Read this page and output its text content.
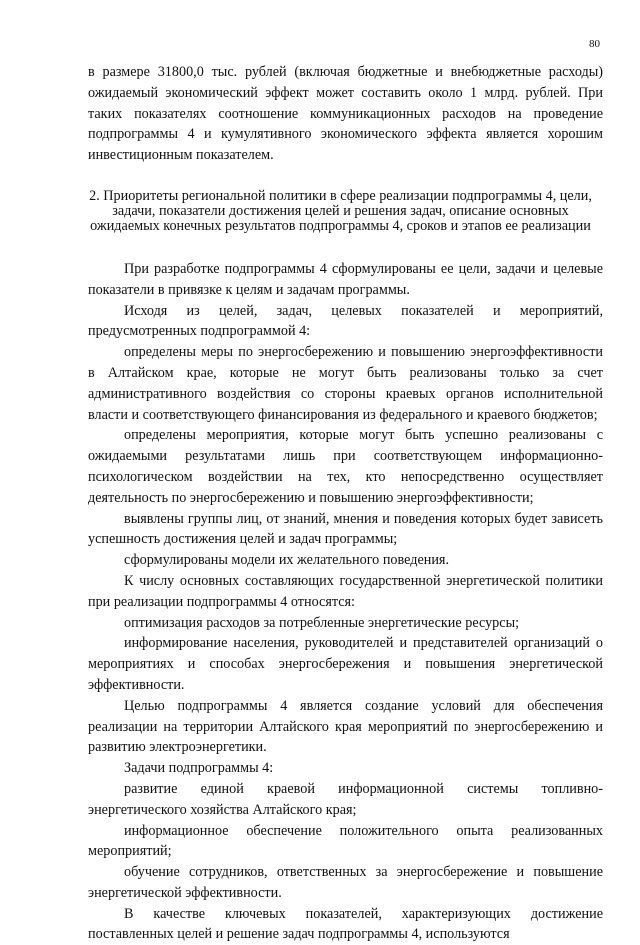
80

в размере 31800,0 тыс. рублей (включая бюджетные и внебюджетные расходы) ожидаемый экономический эффект может составить около 1 млрд. рублей. При таких показателях соотношение коммуникационных расходов на проведение подпрограммы 4 и кумулятивного экономического эффекта является хорошим инвестиционным показателем.

2. Приоритеты региональной политики в сфере реализации подпрограммы 4, цели, задачи, показатели достижения целей и решения задач, описание основных ожидаемых конечных результатов подпрограммы 4, сроков и этапов ее реализации

При разработке подпрограммы 4 сформулированы ее цели, задачи и целевые показатели в привязке к целям и задачам программы.

Исходя из целей, задач, целевых показателей и мероприятий, предусмотренных подпрограммой 4:

определены меры по энергосбережению и повышению энергоэффективности в Алтайском крае, которые не могут быть реализованы только за счет административного воздействия со стороны краевых органов исполнительной власти и соответствующего финансирования из федерального и краевого бюджетов;

определены мероприятия, которые могут быть успешно реализованы с ожидаемыми результатами лишь при соответствующем информационно-психологическом воздействии на тех, кто непосредственно осуществляет деятельность по энергосбережению и повышению энергоэффективности;

выявлены группы лиц, от знаний, мнения и поведения которых будет зависеть успешность достижения целей и задач программы;

сформулированы модели их желательного поведения.

К числу основных составляющих государственной энергетической политики при реализации подпрограммы 4 относятся:

оптимизация расходов за потребленные энергетические ресурсы;

информирование населения, руководителей и представителей организаций о мероприятиях и способах энергосбережения и повышения энергетической эффективности.

Целью подпрограммы 4 является создание условий для обеспечения реализации на территории Алтайского края мероприятий по энергосбережению и развитию электроэнергетики.

Задачи подпрограммы 4:

развитие единой краевой информационной системы топливно-энергетического хозяйства Алтайского края;

информационное обеспечение положительного опыта реализованных мероприятий;

обучение сотрудников, ответственных за энергосбережение и повышение энергетической эффективности.

В качестве ключевых показателей, характеризующих достижение поставленных целей и решение задач подпрограммы 4, используются
